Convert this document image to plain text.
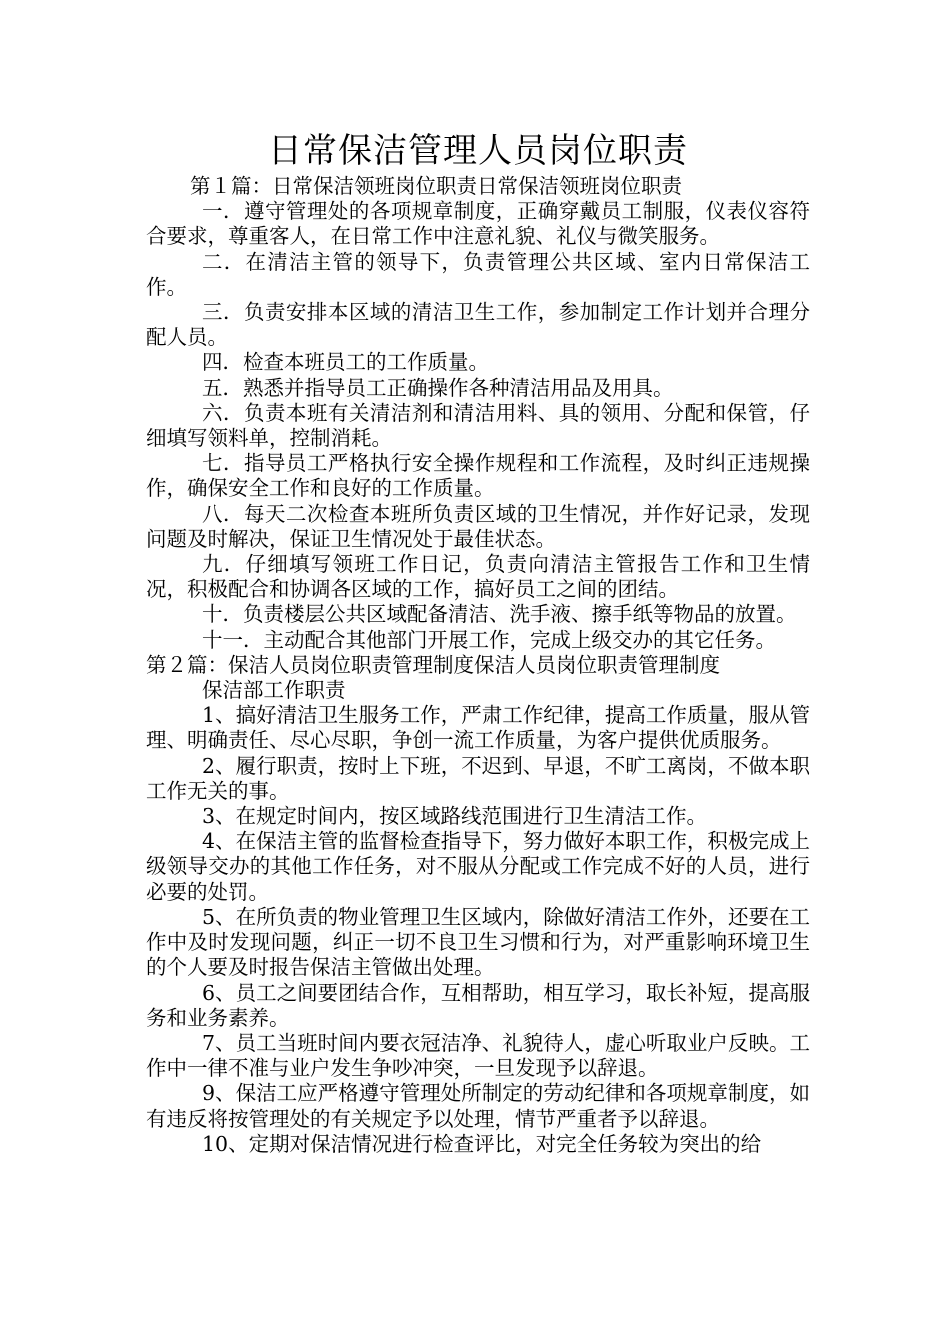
日常保洁管理人员岗位职责

第１篇：日常保洁领班岗位职责日常保洁领班岗位职责

一．遵守管理处的各项规章制度，正确穿戴员工制服，仪表仪容符合要求，尊重客人，在日常工作中注意礼貌、礼仪与微笑服务。

二．在清洁主管的领导下，负责管理公共区域、室内日常保洁工作。

三．负责安排本区域的清洁卫生工作，参加制定工作计划并合理分配人员。

四．检查本班员工的工作质量。

五．熟悉并指导员工正确操作各种清洁用品及用具。

六．负责本班有关清洁剂和清洁用料、具的领用、分配和保管，仔细填写领料单，控制消耗。

七．指导员工严格执行安全操作规程和工作流程，及时纠正违规操作，确保安全工作和良好的工作质量。

八．每天二次检查本班所负责区域的卫生情况，并作好记录，发现问题及时解决，保证卫生情况处于最佳状态。

九．仔细填写领班工作日记，负责向清洁主管报告工作和卫生情况，积极配合和协调各区域的工作，搞好员工之间的团结。

十．负责楼层公共区域配备清洁、洗手液、擦手纸等物品的放置。

十一．主动配合其他部门开展工作，完成上级交办的其它任务。

第２篇：保洁人员岗位职责管理制度保洁人员岗位职责管理制度

保洁部工作职责

1、搞好清洁卫生服务工作，严肃工作纪律，提高工作质量，服从管理、明确责任、尽心尽职，争创一流工作质量，为客户提供优质服务。

2、履行职责，按时上下班，不迟到、早退，不旷工离岗，不做本职工作无关的事。

3、在规定时间内，按区域路线范围进行卫生清洁工作。

4、在保洁主管的监督检查指导下，努力做好本职工作，积极完成上级领导交办的其他工作任务，对不服从分配或工作完成不好的人员，进行必要的处罚。

5、在所负责的物业管理卫生区域内，除做好清洁工作外，还要在工作中及时发现问题，纠正一切不良卫生习惯和行为，对严重影响环境卫生的个人要及时报告保洁主管做出处理。

6、员工之间要团结合作，互相帮助，相互学习，取长补短，提高服务和业务素养。

7、员工当班时间内要衣冠洁净、礼貌待人，虚心听取业户反映。工作中一律不准与业户发生争吵冲突，一旦发现予以辞退。

9、保洁工应严格遵守管理处所制定的劳动纪律和各项规章制度，如有违反将按管理处的有关规定予以处理，情节严重者予以辞退。

10、定期对保洁情况进行检查评比，对完全任务较为突出的给
